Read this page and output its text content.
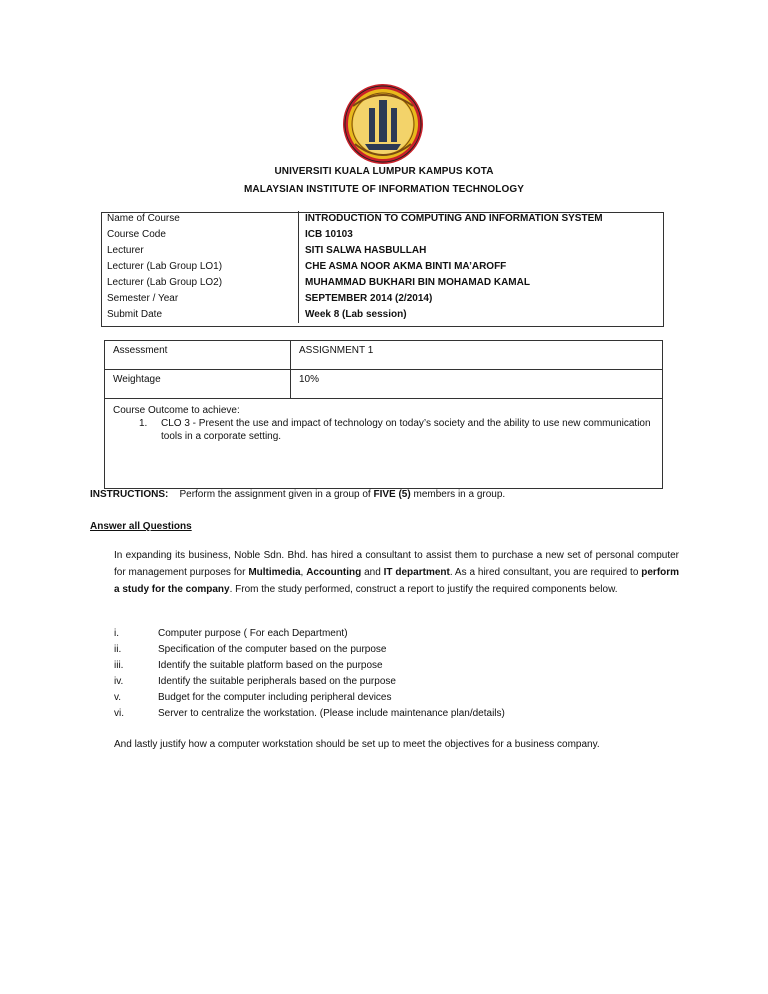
UNIVERSITI KUALA LUMPUR KAMPUS KOTA
MALAYSIAN INSTITUTE OF INFORMATION TECHNOLOGY
Name of Course	INTRODUCTION TO COMPUTING AND INFORMATION SYSTEM
Course Code	ICB 10103
Lecturer	SITI SALWA HASBULLAH
Lecturer (Lab Group LO1)	CHE ASMA NOOR AKMA BINTI MA’AROFF
Lecturer (Lab Group LO2)	MUHAMMAD BUKHARI BIN MOHAMAD KAMAL
Semester / Year	SEPTEMBER 2014 (2/2014)
Submit Date	Week 8 (Lab session)
Assessment	ASSIGNMENT 1
Weightage	10%
Course Outcome to achieve:
1.	CLO 3 - Present the use and impact of technology on today’s society and the ability to use new communication tools in a corporate setting.
INSTRUCTIONS: Perform the assignment given in a group of FIVE (5) members in a group.
Answer all Questions
In expanding its business, Noble Sdn. Bhd. has hired a consultant to assist them to purchase a new set of personal computer for management purposes for Multimedia, Accounting and IT department. As a hired consultant, you are required to perform a study for the company. From the study performed, construct a report to justify the required components below.
i.	Computer purpose ( For each Department)
ii.	Specification of the computer based on the purpose
iii.	Identify the suitable platform based on the purpose
iv.	Identify the suitable peripherals based on the purpose
v.	Budget for the computer including peripheral devices
vi.	Server to centralize the workstation. (Please include maintenance plan/details)
And lastly justify how a computer workstation should be set up to meet the objectives for a business company.
